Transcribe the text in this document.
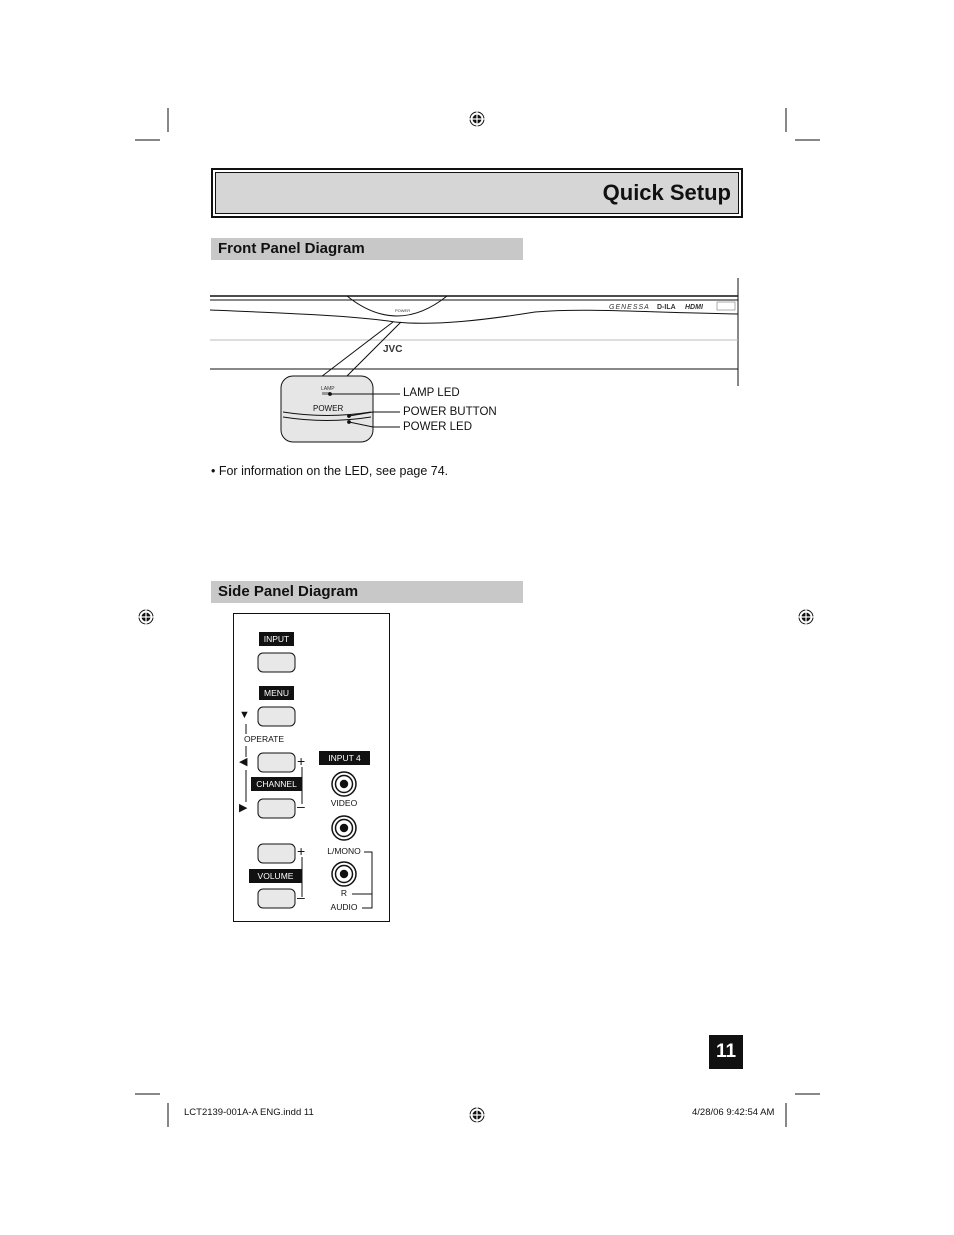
Quick Setup
Front Panel Diagram
POWER
JVC
GENESSA D-ILA HDMI
LAMP
POWER
LAMP LED
POWER BUTTON
POWER LED
• For information on the LED, see page 74.
Side Panel Diagram
INPUT
MENU
▼
OPERATE
◀
▶
+
CHANNEL
–
+
VOLUME
–
INPUT 4
VIDEO
L/MONO
R
AUDIO
11
LCT2139-001A-A ENG.indd 11	4/28/06 9:42:54 AM
